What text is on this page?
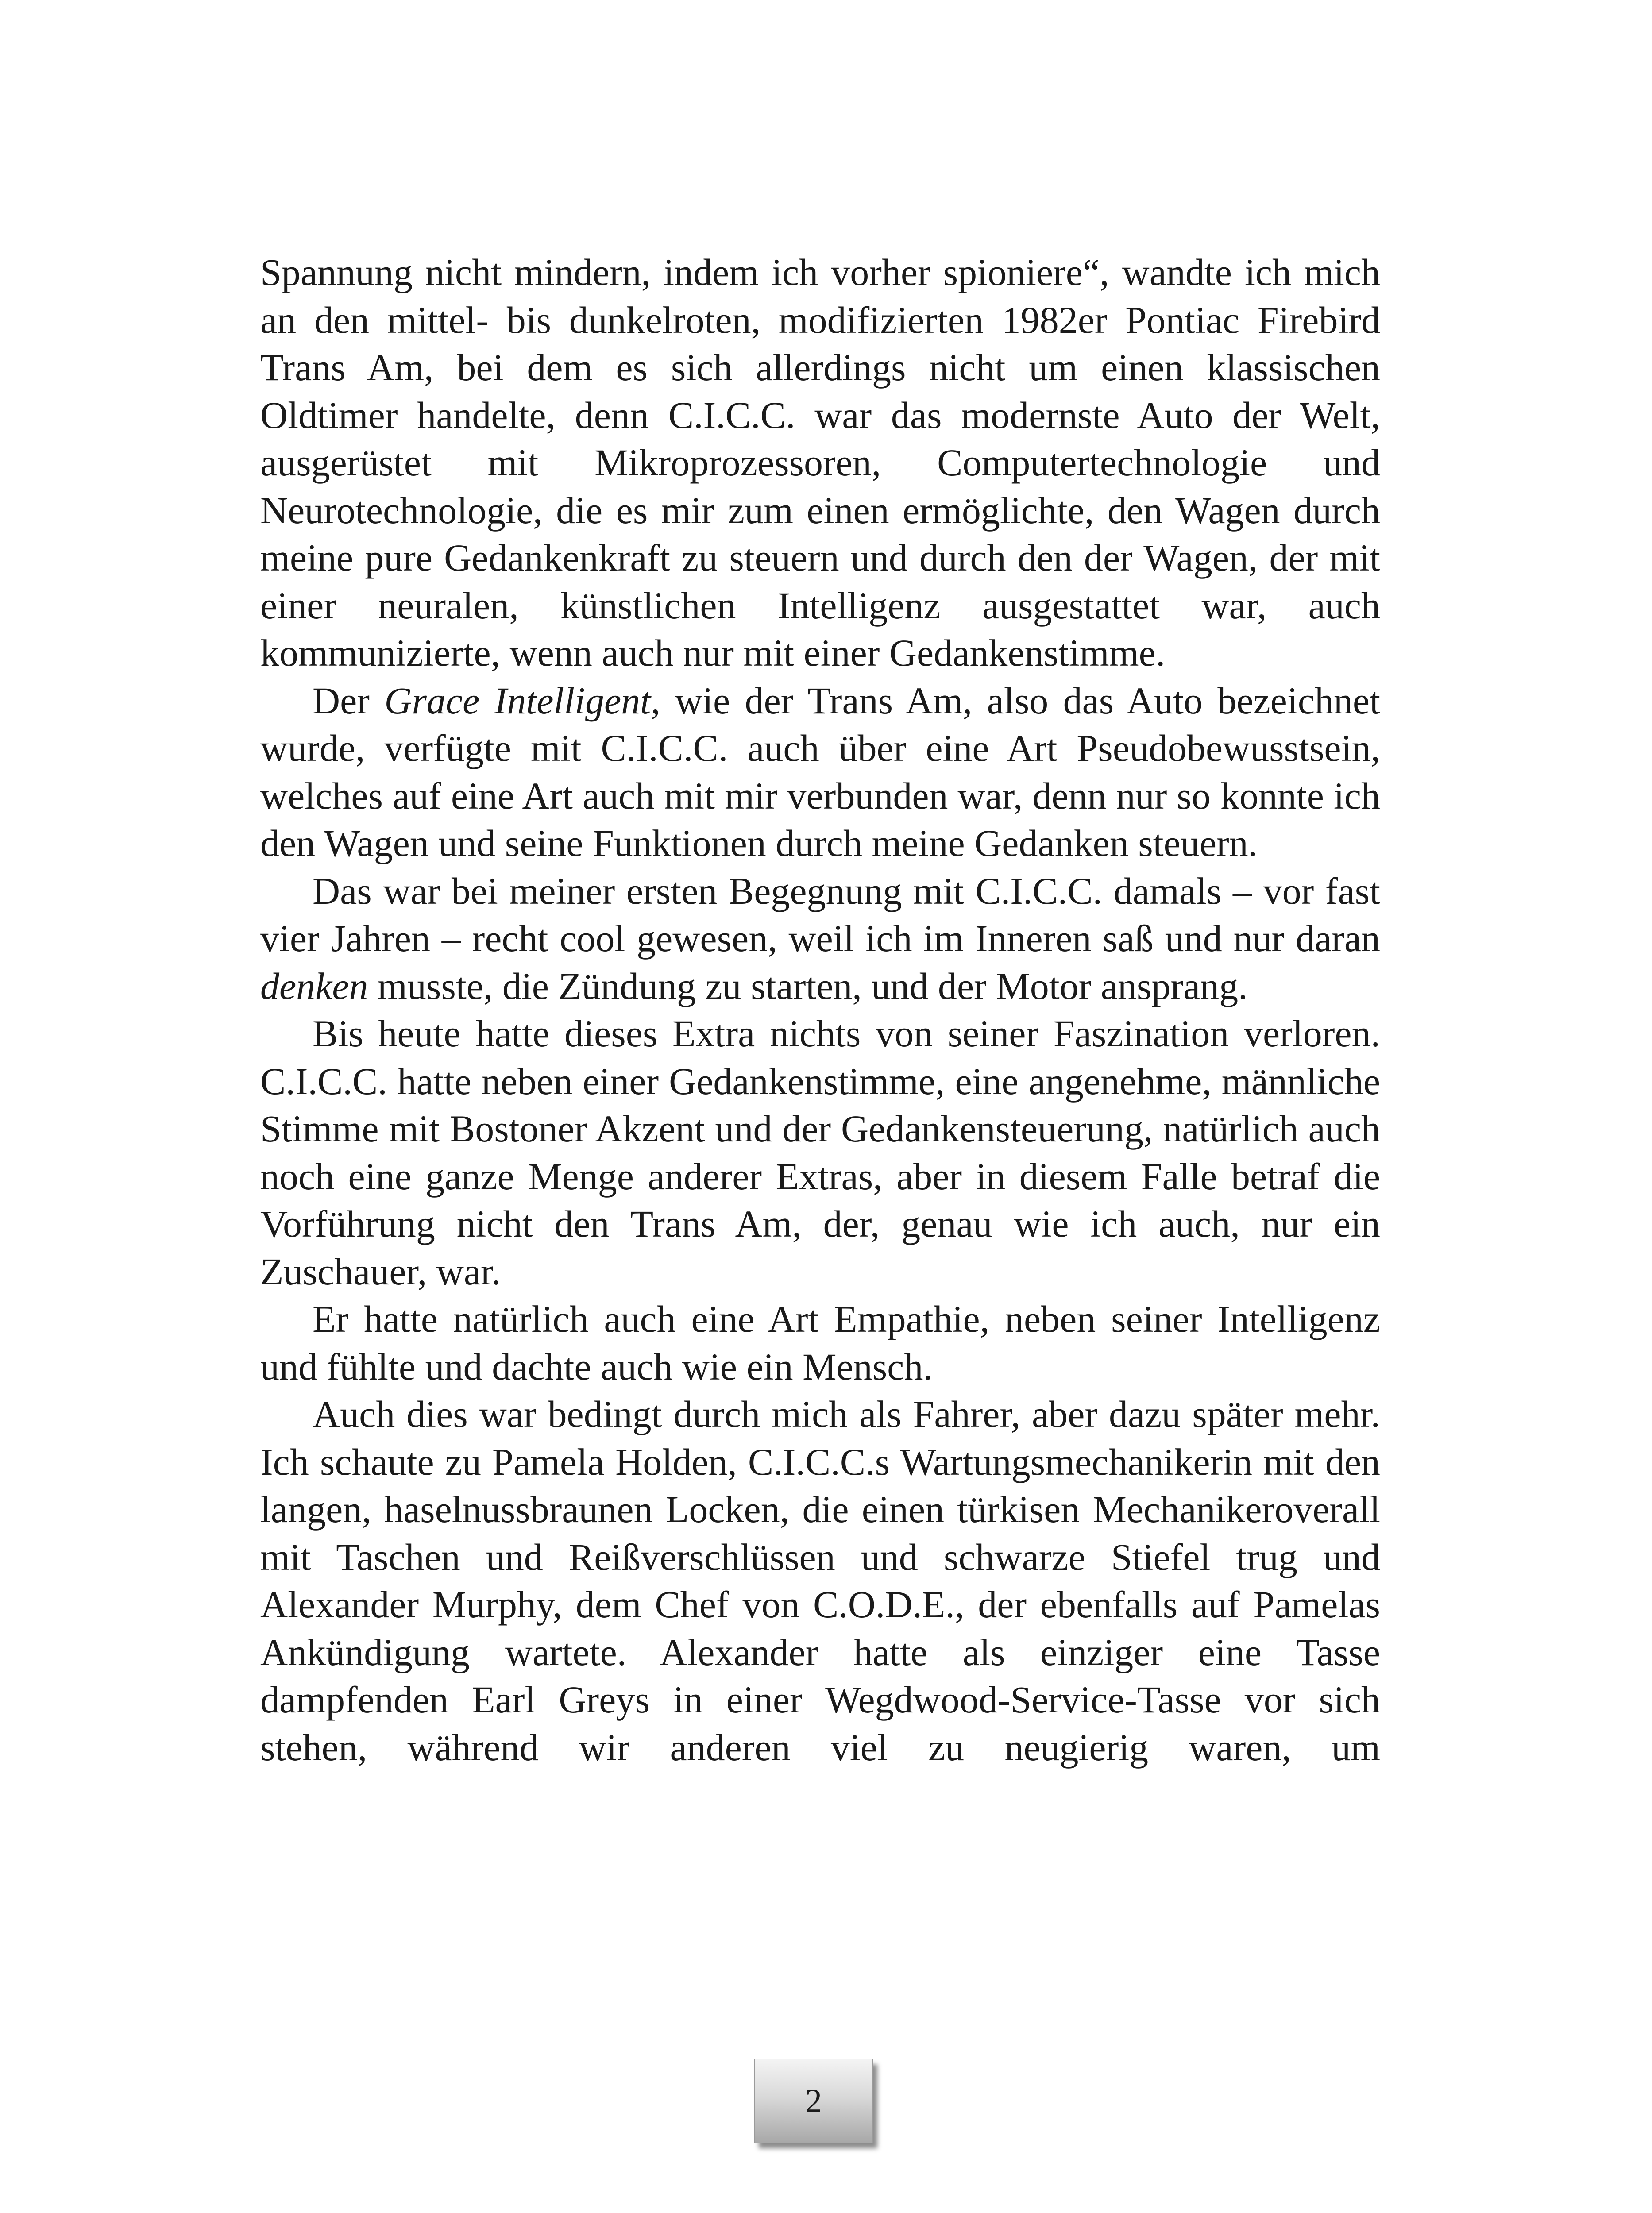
Spannung nicht mindern, indem ich vorher spioniere“, wandte ich mich an den mittel- bis dunkelroten, modifizierten 1982er Pontiac Firebird Trans Am, bei dem es sich allerdings nicht um einen klassischen Oldtimer handelte, denn C.I.C.C. war das modernste Auto der Welt, ausgerüstet mit Mikroprozessoren, Computertechnologie und Neurotechnologie, die es mir zum einen ermöglichte, den Wagen durch meine pure Gedankenkraft zu steuern und durch den der Wagen, der mit einer neuralen, künstlichen Intelligenz ausgestattet war, auch kommunizierte, wenn auch nur mit einer Gedankenstimme.

Der Grace Intelligent, wie der Trans Am, also das Auto bezeichnet wurde, verfügte mit C.I.C.C. auch über eine Art Pseudobewusstsein, welches auf eine Art auch mit mir verbunden war, denn nur so konnte ich den Wagen und seine Funktionen durch meine Gedanken steuern.

Das war bei meiner ersten Begegnung mit C.I.C.C. damals – vor fast vier Jahren – recht cool gewesen, weil ich im Inneren saß und nur daran denken musste, die Zündung zu starten, und der Motor ansprang.

Bis heute hatte dieses Extra nichts von seiner Faszination verloren. C.I.C.C. hatte neben einer Gedankenstimme, eine angenehme, männliche Stimme mit Bostoner Akzent und der Gedankensteuerung, natürlich auch noch eine ganze Menge anderer Extras, aber in diesem Falle betraf die Vorführung nicht den Trans Am, der, genau wie ich auch, nur ein Zuschauer, war.

Er hatte natürlich auch eine Art Empathie, neben seiner Intelligenz und fühlte und dachte auch wie ein Mensch.

Auch dies war bedingt durch mich als Fahrer, aber dazu später mehr. Ich schaute zu Pamela Holden, C.I.C.C.s Wartungsmechanikerin mit den langen, haselnussbraunen Locken, die einen türkisen Mechanikeroverall mit Taschen und Reißverschlüssen und schwarze Stiefel trug und Alexander Murphy, dem Chef von C.O.D.E., der ebenfalls auf Pamelas Ankündigung wartete. Alexander hatte als einziger eine Tasse dampfenden Earl Greys in einer Wegdwood-Service-Tasse vor sich stehen, während wir anderen viel zu neugierig waren, um

2
